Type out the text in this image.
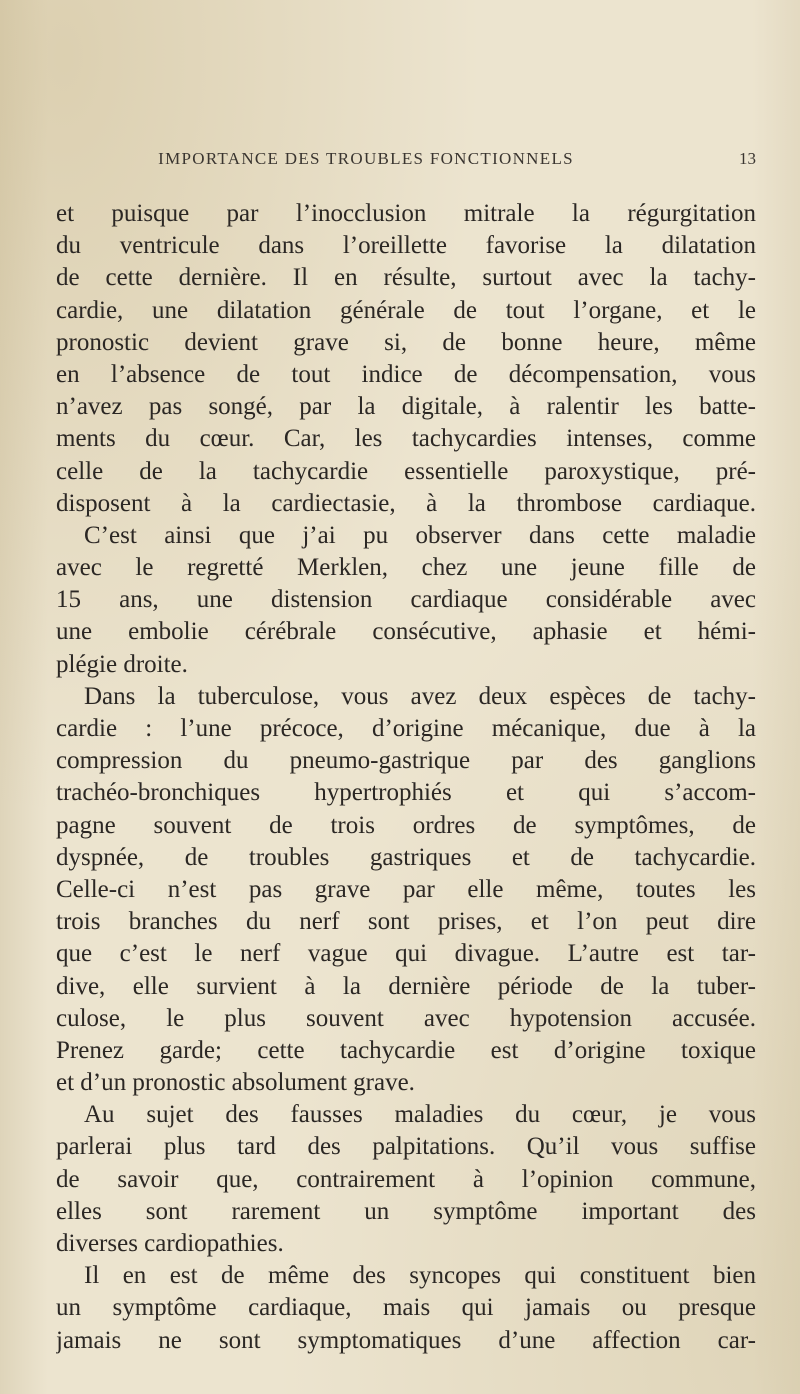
IMPORTANCE DES TROUBLES FONCTIONNELS	13
et puisque par l’inocclusion mitrale la régurgitation
du ventricule dans l’oreillette favorise la dilatation
de cette dernière. Il en résulte, surtout avec la tachy-
cardie, une dilatation générale de tout l’organe, et le
pronostic devient grave si, de bonne heure, même
en l’absence de tout indice de décompensation, vous
n’avez pas songé, par la digitale, à ralentir les batte-
ments du cœur. Car, les tachycardies intenses, comme
celle de la tachycardie essentielle paroxystique, pré-
disposent à la cardiectasie, à la thrombose cardiaque.
C’est ainsi que j’ai pu observer dans cette maladie
avec le regretté Merklen, chez une jeune fille de
15 ans, une distension cardiaque considérable avec
une embolie cérébrale consécutive, aphasie et hémi-
plégie droite.
Dans la tuberculose, vous avez deux espèces de tachy-
cardie : l’une précoce, d’origine mécanique, due à la
compression du pneumo-gastrique par des ganglions
trachéo-bronchiques hypertrophiés et qui s’accom-
pagne souvent de trois ordres de symptômes, de
dyspnée, de troubles gastriques et de tachycardie.
Celle-ci n’est pas grave par elle même, toutes les
trois branches du nerf sont prises, et l’on peut dire
que c’est le nerf vague qui divague. L’autre est tar-
dive, elle survient à la dernière période de la tuber-
culose, le plus souvent avec hypotension accusée.
Prenez garde; cette tachycardie est d’origine toxique
et d’un pronostic absolument grave.
Au sujet des fausses maladies du cœur, je vous
parlerai plus tard des palpitations. Qu’il vous suffise
de savoir que, contrairement à l’opinion commune,
elles sont rarement un symptôme important des
diverses cardiopathies.
Il en est de même des syncopes qui constituent bien
un symptôme cardiaque, mais qui jamais ou presque
jamais ne sont symptomatiques d’une affection car-
